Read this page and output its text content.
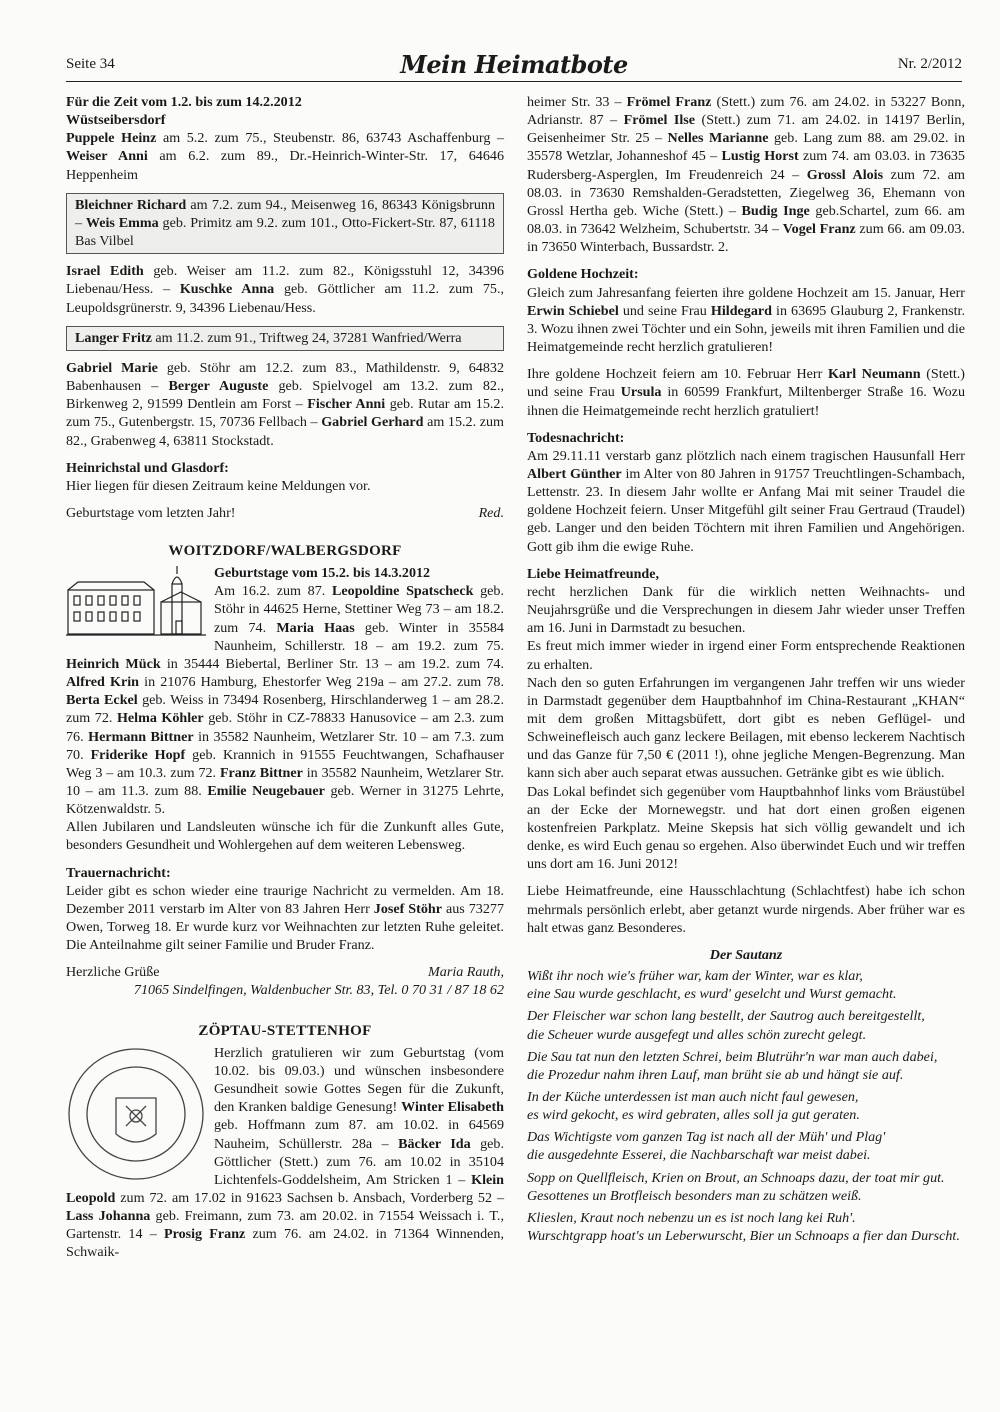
Seite 34	Mein Heimatbote	Nr. 2/2012

Für die Zeit vom 1.2. bis zum 14.2.2012

Wüstseibersdorf

Puppele Heinz am 5.2. zum 75., Steubenstr. 86, 63743 Aschaffenburg – Weiser Anni am 6.2. zum 89., Dr.-Heinrich-Winter-Str. 17, 64646 Heppenheim

Bleichner Richard am 7.2. zum 94., Meisenweg 16, 86343 Königsbrunn – Weis Emma geb. Primitz am 9.2. zum 101., Otto-Fickert-Str. 87, 61118 Bas Vilbel

Israel Edith geb. Weiser am 11.2. zum 82., Königsstuhl 12, 34396 Liebenau/Hess. – Kuschke Anna geb. Göttlicher am 11.2. zum 75., Leupoldsgrünerstr. 9, 34396 Liebenau/Hess.

Langer Fritz am 11.2. zum 91., Triftweg 24, 37281 Wanfried/Werra

Gabriel Marie geb. Stöhr am 12.2. zum 83., Mathildenstr. 9, 64832 Babenhausen – Berger Auguste geb. Spielvogel am 13.2. zum 82., Birkenweg 2, 91599 Dentlein am Forst – Fischer Anni geb. Rutar am 15.2. zum 75., Gutenbergstr. 15, 70736 Fellbach – Gabriel Gerhard am 15.2. zum 82., Grabenweg 4, 63811 Stockstadt.

Heinrichstal und Glasdorf:

Hier liegen für diesen Zeitraum keine Meldungen vor.

Geburtstage vom letzten Jahr!	Red.
WOITZDORF/WALBERGSDORF

Geburtstage vom 15.2. bis 14.3.2012
Am 16.2. zum 87. Leopoldine Spatscheck geb. Stöhr in 44625 Herne, Stettiner Weg 73 – am 18.2. zum 74. Maria Haas geb. Winter in 35584 Naunheim, Schillerstr. 18 – am 19.2. zum 75. Heinrich Mück in 35444 Biebertal, Berliner Str. 13 – am 19.2. zum 74. Alfred Krin in 21076 Hamburg, Ehestorfer Weg 219a – am 27.2. zum 78. Berta Eckel geb. Weiss in 73494 Rosenberg, Hirschlanderweg 1 – am 28.2. zum 72. Helma Köhler geb. Stöhr in CZ-78833 Hanusovice – am 2.3. zum 76. Hermann Bittner in 35582 Naunheim, Wetzlarer Str. 10 – am 7.3. zum 70. Friderike Hopf geb. Krannich in 91555 Feuchtwangen, Schafhauser Weg 3 – am 10.3. zum 72. Franz Bittner in 35582 Naunheim, Wetzlarer Str. 10 – am 11.3. zum 88. Emilie Neugebauer geb. Werner in 31275 Lehrte, Kötzenwaldstr. 5.

Allen Jubilaren und Landsleuten wünsche ich für die Zunkunft alles Gute, besonders Gesundheit und Wohlergehen auf dem weiteren Lebensweg.

Trauernachricht:

Leider gibt es schon wieder eine traurige Nachricht zu vermelden. Am 18. Dezember 2011 verstarb im Alter von 83 Jahren Herr Josef Stöhr aus 73277 Owen, Torweg 18. Er wurde kurz vor Weihnachten zur letzten Ruhe geleitet. Die Anteilnahme gilt seiner Familie und Bruder Franz.

Herzliche Grüße	Maria Rauth,

71065 Sindelfingen, Waldenbucher Str. 83, Tel. 0 70 31 / 87 18 62

ZÖPTAU-STETTENHOF

Herzlich gratulieren wir zum Geburtstag (vom 10.02. bis 09.03.) und wünschen insbesondere Gesundheit sowie Gottes Segen für die Zukunft, den Kranken baldige Genesung! Winter Elisabeth geb. Hoffmann zum 87. am 10.02. in 64569 Nauheim, Schüllerstr. 28a – Bäcker Ida geb. Göttlicher (Stett.) zum 76. am 10.02 in 35104 Lichtenfels-Goddelsheim, Am Stricken 1 – Klein Leopold zum 72. am 17.02 in 91623 Sachsen b. Ansbach, Vorderberg 52 – Lass Johanna geb. Freimann, zum 73. am 20.02. in 71554 Weissach i. T., Gartenstr. 14 – Prosig Franz zum 76. am 24.02. in 71364 Winnenden, Schwaik-

heimer Str. 33 – Frömel Franz (Stett.) zum 76. am 24.02. in 53227 Bonn, Adrianstr. 87 – Frömel Ilse (Stett.) zum 71. am 24.02. in 14197 Berlin, Geisenheimer Str. 25 – Nelles Marianne geb. Lang zum 88. am 29.02. in 35578 Wetzlar, Johanneshof 45 – Lustig Horst zum 74. am 03.03. in 73635 Rudersberg-Asperglen, Im Freudenreich 24 – Grossl Alois zum 72. am 08.03. in 73630 Remshalden-Geradstetten, Ziegelweg 36, Ehemann von Grossl Hertha geb. Wiche (Stett.) – Budig Inge geb.Schartel, zum 66. am 08.03. in 73642 Welzheim, Schubertstr. 34 – Vogel Franz zum 66. am 09.03. in 73650 Winterbach, Bussardstr. 2.

Goldene Hochzeit:

Gleich zum Jahresanfang feierten ihre goldene Hochzeit am 15. Januar, Herr Erwin Schiebel und seine Frau Hildegard in 63695 Glauburg 2, Frankenstr. 3. Wozu ihnen zwei Töchter und ein Sohn, jeweils mit ihren Familien und die Heimatgemeinde recht herzlich gratulieren!

Ihre goldene Hochzeit feiern am 10. Februar Herr Karl Neumann (Stett.) und seine Frau Ursula in 60599 Frankfurt, Miltenberger Straße 16. Wozu ihnen die Heimatgemeinde recht herzlich gratuliert!

Todesnachricht:

Am 29.11.11 verstarb ganz plötzlich nach einem tragischen Hausunfall Herr Albert Günther im Alter von 80 Jahren in 91757 Treuchtlingen-Schambach, Lettenstr. 23. In diesem Jahr wollte er Anfang Mai mit seiner Traudel die goldene Hochzeit feiern. Unser Mitgefühl gilt seiner Frau Gertraud (Traudel) geb. Langer und den beiden Töchtern mit ihren Familien und Angehörigen. Gott gib ihm die ewige Ruhe.

Liebe Heimatfreunde,

recht herzlichen Dank für die wirklich netten Weihnachts- und Neujahrsgrüße und die Versprechungen in diesem Jahr wieder unser Treffen am 16. Juni in Darmstadt zu besuchen.

Es freut mich immer wieder in irgend einer Form entsprechende Reaktionen zu erhalten.

Nach den so guten Erfahrungen im vergangenen Jahr treffen wir uns wieder in Darmstadt gegenüber dem Hauptbahnhof im China-Restaurant „KHAN“ mit dem großen Mittagsbüfett, dort gibt es neben Geflügel- und Schweinefleisch auch ganz leckere Beilagen, mit ebenso leckerem Nachtisch und das Ganze für 7,50 € (2011 !), ohne jegliche Mengen-Begrenzung. Man kann sich aber auch separat etwas aussuchen. Getränke gibt es wie üblich.

Das Lokal befindet sich gegenüber vom Hauptbahnhof links vom Bräustübel an der Ecke der Mornewegstr. und hat dort einen großen eigenen kostenfreien Parkplatz. Meine Skepsis hat sich völlig gewandelt und ich denke, es wird Euch genau so ergehen. Also überwindet Euch und wir treffen uns dort am 16. Juni 2012!

Liebe Heimatfreunde, eine Hausschlachtung (Schlachtfest) habe ich schon mehrmals persönlich erlebt, aber getanzt wurde nirgends. Aber früher war es halt etwas ganz Besonderes.

Der Sautanz

Wißt ihr noch wie's früher war, kam der Winter, war es klar,
eine Sau wurde geschlacht, es wurd' geselcht und Wurst gemacht.

Der Fleischer war schon lang bestellt, der Sautrog auch bereitgestellt,
die Scheuer wurde ausgefegt und alles schön zurecht gelegt.

Die Sau tat nun den letzten Schrei, beim Blutrühr'n war man auch dabei,
die Prozedur nahm ihren Lauf, man brüht sie ab und hängt sie auf.

In der Küche unterdessen ist man auch nicht faul gewesen,
es wird gekocht, es wird gebraten, alles soll ja gut geraten.

Das Wichtigste vom ganzen Tag ist nach all der Müh' und Plag'
die ausgedehnte Esserei, die Nachbarschaft war meist dabei.

Sopp on Quellfleisch, Krien on Brout, an Schnoaps dazu, der toat mir gut.
Gesottenes un Brotfleisch besonders man zu schätzen weiß.

Klieslen, Kraut noch nebenzu un es ist noch lang kei Ruh'.
Wurschtgrapp hoat's un Leberwurscht, Bier un Schnoaps a fier dan Durscht.
